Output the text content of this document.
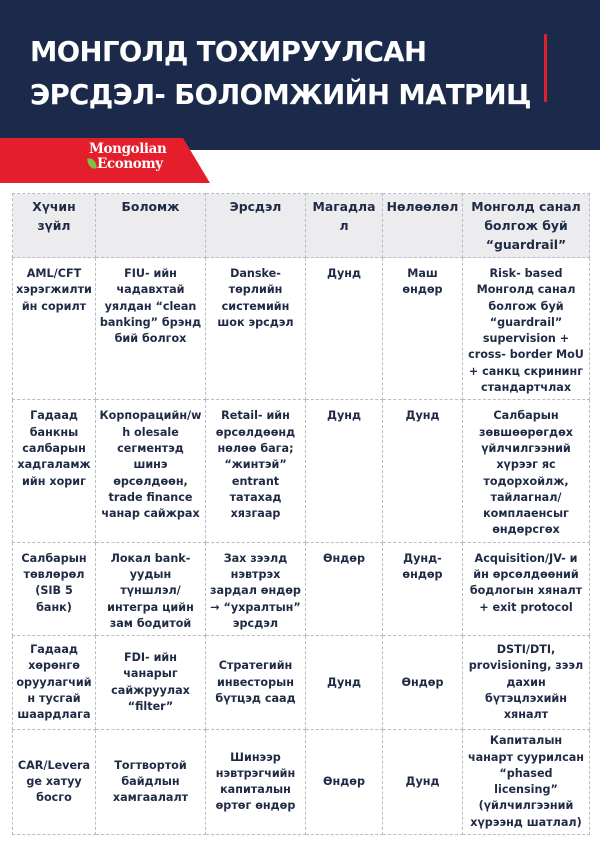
МОНГОЛД ТОХИРУУЛСАН
ЭРСДЭЛ- БОЛОМЖИЙН МАТРИЦ
Mongolian
Economy
Хүчин зүйл	Боломж	Эрсдэл	Магадлал	Нөлөөлөл	Монголд санал болгож буй “guardrail”
AML/CFT хэрэгжилтийн сорилт	FIU- ийн чадавхтай уялдан “clean banking” брэнд бий болгох	Danske- төрлийн системийн шок эрсдэл	Дунд	Маш өндөр	Risk- based Монголд санал болгож буй “guardrail” supervision + cross- border MoU + санкц скрининг стандартчлах
Гадаад банкны салбарын хадгаламжийн хориг	Корпорацийн/wh olesale сегментэд шинэ өрсөлдөөн, trade finance чанар сайжрах	Retail- ийн өрсөлдөөнд нөлөө бага; “жинтэй” entrant татахад хязгаар	Дунд	Дунд	Салбарын зөвшөөрөгдөх үйлчилгээний хүрээг яс тодорхойлж, тайлагнал/комплаенсыг өндөрсгөх
Салбарын төвлөрөл (SIB 5 банк)	Локал bank- уудын түншлэл/ интегра цийн зам бодитой	Зах зээлд нэвтрэх зардал өндөр → “ухралтын” эрсдэл	Өндөр	Дунд- өндөр	Acquisition/JV- и йн өрсөлдөөний бодлогын хяналт + exit protocol
Гадаад хөрөнгө оруулагчийн тусгай шаардлага	FDI- ийн чанарыг сайжруулах “filter”	Стратегийн инвесторын бүтцэд саад	Дунд	Өндөр	DSTI/DTI, provisioning, зээл дахин бүтэцлэхийн хяналт
CAR/Leverage хатуу босго	Тогтвортой байдлын хамгаалалт	Шинээр нэвтрэгчийн капиталын өртөг өндөр	Өндөр	Дунд	Капиталын чанарт суурилсан “phased licensing” (үйлчилгээний хүрээнд шатлал)
